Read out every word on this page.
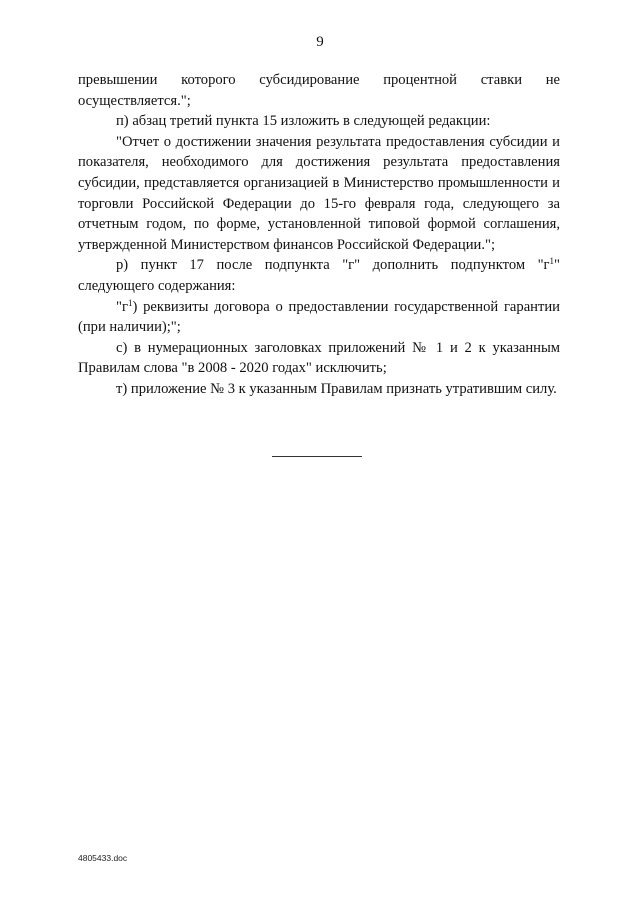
9

превышении которого субсидирование процентной ставки не
осуществляется.";

п) абзац третий пункта 15 изложить в следующей редакции:

"Отчет о достижении значения результата предоставления субсидии и показателя, необходимого для достижения результата предоставления субсидии, представляется организацией в Министерство промышленности и торговли Российской Федерации до 15-го февраля года, следующего за отчетным годом, по форме, установленной типовой формой соглашения, утвержденной Министерством финансов Российской Федерации.";

р) пункт 17 после подпункта "г" дополнить подпунктом "$г^1$"
следующего содержания:

"$г^1$) реквизиты договора о предоставлении государственной гарантии (при наличии);";

с) в нумерационных заголовках приложений № 1 и 2 к указанным Правилам слова "в 2008 - 2020 годах" исключить;

т) приложение № 3 к указанным Правилам признать утратившим силу.

4805433.doc
